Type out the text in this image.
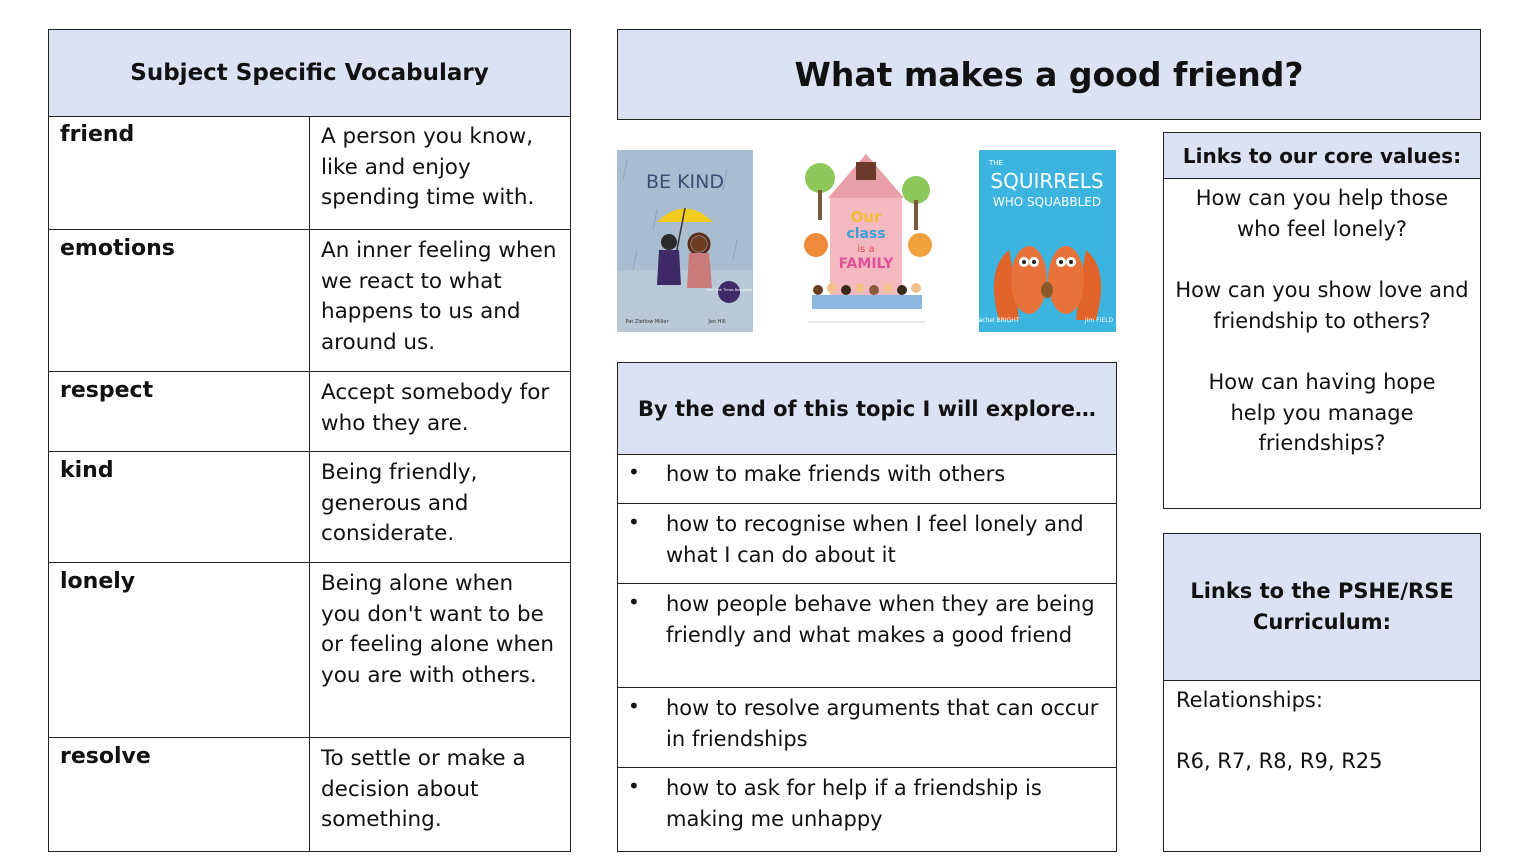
Subject Specific Vocabulary
friend	A person you know, like and enjoy spending time with.
emotions	An inner feeling when we react to what happens to us and around us.
respect	Accept somebody for who they are.
kind	Being friendly, generous and considerate.
lonely	Being alone when you don't want to be or feeling alone when you are with others.
resolve	To settle or make a decision about something.
What makes a good friend?
BE KIND
New York Times Bestseller
Pat Zietlow Miller	Jen Hill
Our
class
is a
FAMILY
THE
SQUIRRELS
WHO SQUABBLED
Rachel BRIGHT	Jim FIELD
By the end of this topic I will explore…
• how to make friends with others
• how to recognise when I feel lonely and what I can do about it
• how people behave when they are being friendly and what makes a good friend
• how to resolve arguments that can occur in friendships
• how to ask for help if a friendship is making me unhappy
Links to our core values:
How can you help those who feel lonely?
How can you show love and friendship to others?
How can having hope help you manage friendships?
Links to the PSHE/RSE Curriculum:
Relationships:
R6, R7, R8, R9, R25
